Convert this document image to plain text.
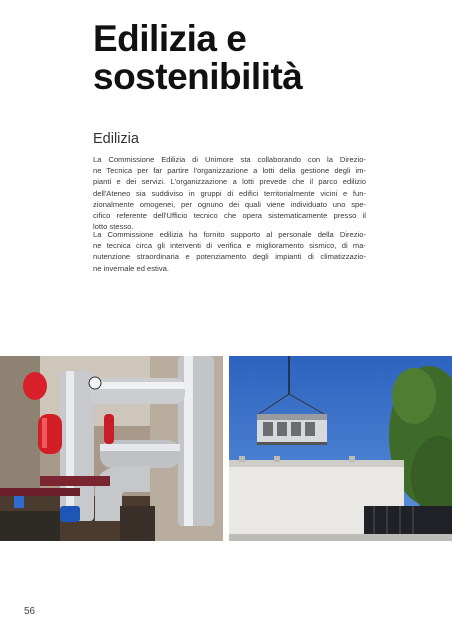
Edilizia e
sostenibilità
Edilizia

La Commissione Edilizia di Unimore sta collaborando con la Direzio-
ne Tecnica per far partire l'organizzazione a lotti della gestione degli im-
pianti e dei servizi. L'organizzazione a lotti prevede che il parco edilizio
dell'Ateneo sia suddiviso in gruppi di edifici territorialmente vicini e fun-
zionalmente omogenei, per ognuno dei quali viene individuato uno spe-
cifico referente dell'Ufficio tecnico che opera sistematicamente presso il
lotto stesso.

La Commissione edilizia ha fornito supporto al personale della Direzio-
ne tecnica circa gli interventi di verifica e miglioramento sismico, di ma-
nutenzione straordinaria e potenziamento degli impianti di climatizzazio-
ne invernale ed estiva.

56
